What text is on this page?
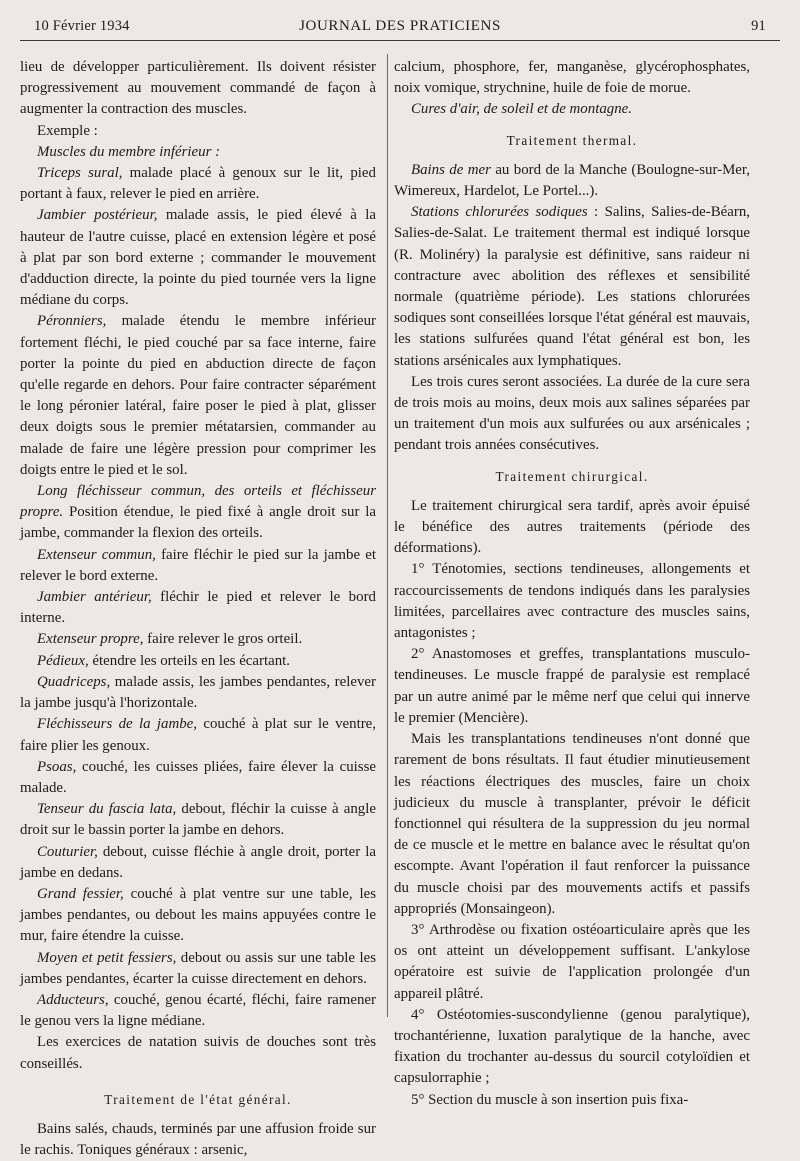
10 Février 1934	JOURNAL DES PRATICIENS	91

lieu de développer particulièrement. Ils doivent résister progressivement au mouvement commandé de façon à augmenter la contraction des muscles.

Exemple :

Muscles du membre inférieur :

Triceps sural, malade placé à genoux sur le lit, pied portant à faux, relever le pied en arrière.

Jambier postérieur, malade assis, le pied élevé à la hauteur de l'autre cuisse, placé en extension légère et posé à plat par son bord externe ; commander le mouvement d'adduction directe, la pointe du pied tournée vers la ligne médiane du corps.

Péronniers, malade étendu le membre inférieur fortement fléchi, le pied couché par sa face interne, faire porter la pointe du pied en abduction directe de façon qu'elle regarde en dehors. Pour faire contracter séparément le long péronier latéral, faire poser le pied à plat, glisser deux doigts sous le premier métatarsien, commander au malade de faire une légère pression pour comprimer les doigts entre le pied et le sol.

Long fléchisseur commun, des orteils et fléchisseur propre. Position étendue, le pied fixé à angle droit sur la jambe, commander la flexion des orteils.

Extenseur commun, faire fléchir le pied sur la jambe et relever le bord externe.

Jambier antérieur, fléchir le pied et relever le bord interne.

Extenseur propre, faire relever le gros orteil.

Pédieux, étendre les orteils en les écartant.

Quadriceps, malade assis, les jambes pendantes, relever la jambe jusqu'à l'horizontale.

Fléchisseurs de la jambe, couché à plat sur le ventre, faire plier les genoux.

Psoas, couché, les cuisses pliées, faire élever la cuisse malade.

Tenseur du fascia lata, debout, fléchir la cuisse à angle droit sur le bassin porter la jambe en dehors.

Couturier, debout, cuisse fléchie à angle droit, porter la jambe en dedans.

Grand fessier, couché à plat ventre sur une table, les jambes pendantes, ou debout les mains appuyées contre le mur, faire étendre la cuisse.

Moyen et petit fessiers, debout ou assis sur une table les jambes pendantes, écarter la cuisse directement en dehors.

Adducteurs, couché, genou écarté, fléchi, faire ramener le genou vers la ligne médiane.

Les exercices de natation suivis de douches sont très conseillés.

Traitement de l'état général.

Bains salés, chauds, terminés par une affusion froide sur le rachis. Toniques généraux : arsenic,

calcium, phosphore, fer, manganèse, glycérophosphates, noix vomique, strychnine, huile de foie de morue.

Cures d'air, de soleil et de montagne.

Traitement thermal.

Bains de mer au bord de la Manche (Boulogne-sur-Mer, Wimereux, Hardelot, Le Portel...).

Stations chlorurées sodiques : Salins, Salies-de-Béarn, Salies-de-Salat. Le traitement thermal est indiqué lorsque (R. Molinéry) la paralysie est définitive, sans raideur ni contracture avec abolition des réflexes et sensibilité normale (quatrième période). Les stations chlorurées sodiques sont conseillées lorsque l'état général est mauvais, les stations sulfurées quand l'état général est bon, les stations arsénicales aux lymphatiques.

Les trois cures seront associées. La durée de la cure sera de trois mois au moins, deux mois aux salines séparées par un traitement d'un mois aux sulfurées ou aux arsénicales ; pendant trois années consécutives.

Traitement chirurgical.

Le traitement chirurgical sera tardif, après avoir épuisé le bénéfice des autres traitements (période des déformations).

1° Ténotomies, sections tendineuses, allongements et raccourcissements de tendons indiqués dans les paralysies limitées, parcellaires avec contracture des muscles sains, antagonistes ;

2° Anastomoses et greffes, transplantations musculo-tendineuses. Le muscle frappé de paralysie est remplacé par un autre animé par le même nerf que celui qui innerve le premier (Mencière).

Mais les transplantations tendineuses n'ont donné que rarement de bons résultats. Il faut étudier minutieusement les réactions électriques des muscles, faire un choix judicieux du muscle à transplanter, prévoir le déficit fonctionnel qui résultera de la suppression du jeu normal de ce muscle et le mettre en balance avec le résultat qu'on escompte. Avant l'opération il faut renforcer la puissance du muscle choisi par des mouvements actifs et passifs appropriés (Monsaingeon).

3° Arthrodèse ou fixation ostéoarticulaire après que les os ont atteint un développement suffisant. L'ankylose opératoire est suivie de l'application prolongée d'un appareil plâtré.

4° Ostéotomies-suscondylienne (genou paralytique), trochantérienne, luxation paralytique de la hanche, avec fixation du trochanter au-dessus du sourcil cotyloïdien et capsulorraphie ;

5° Section du muscle à son insertion puis fixa-
